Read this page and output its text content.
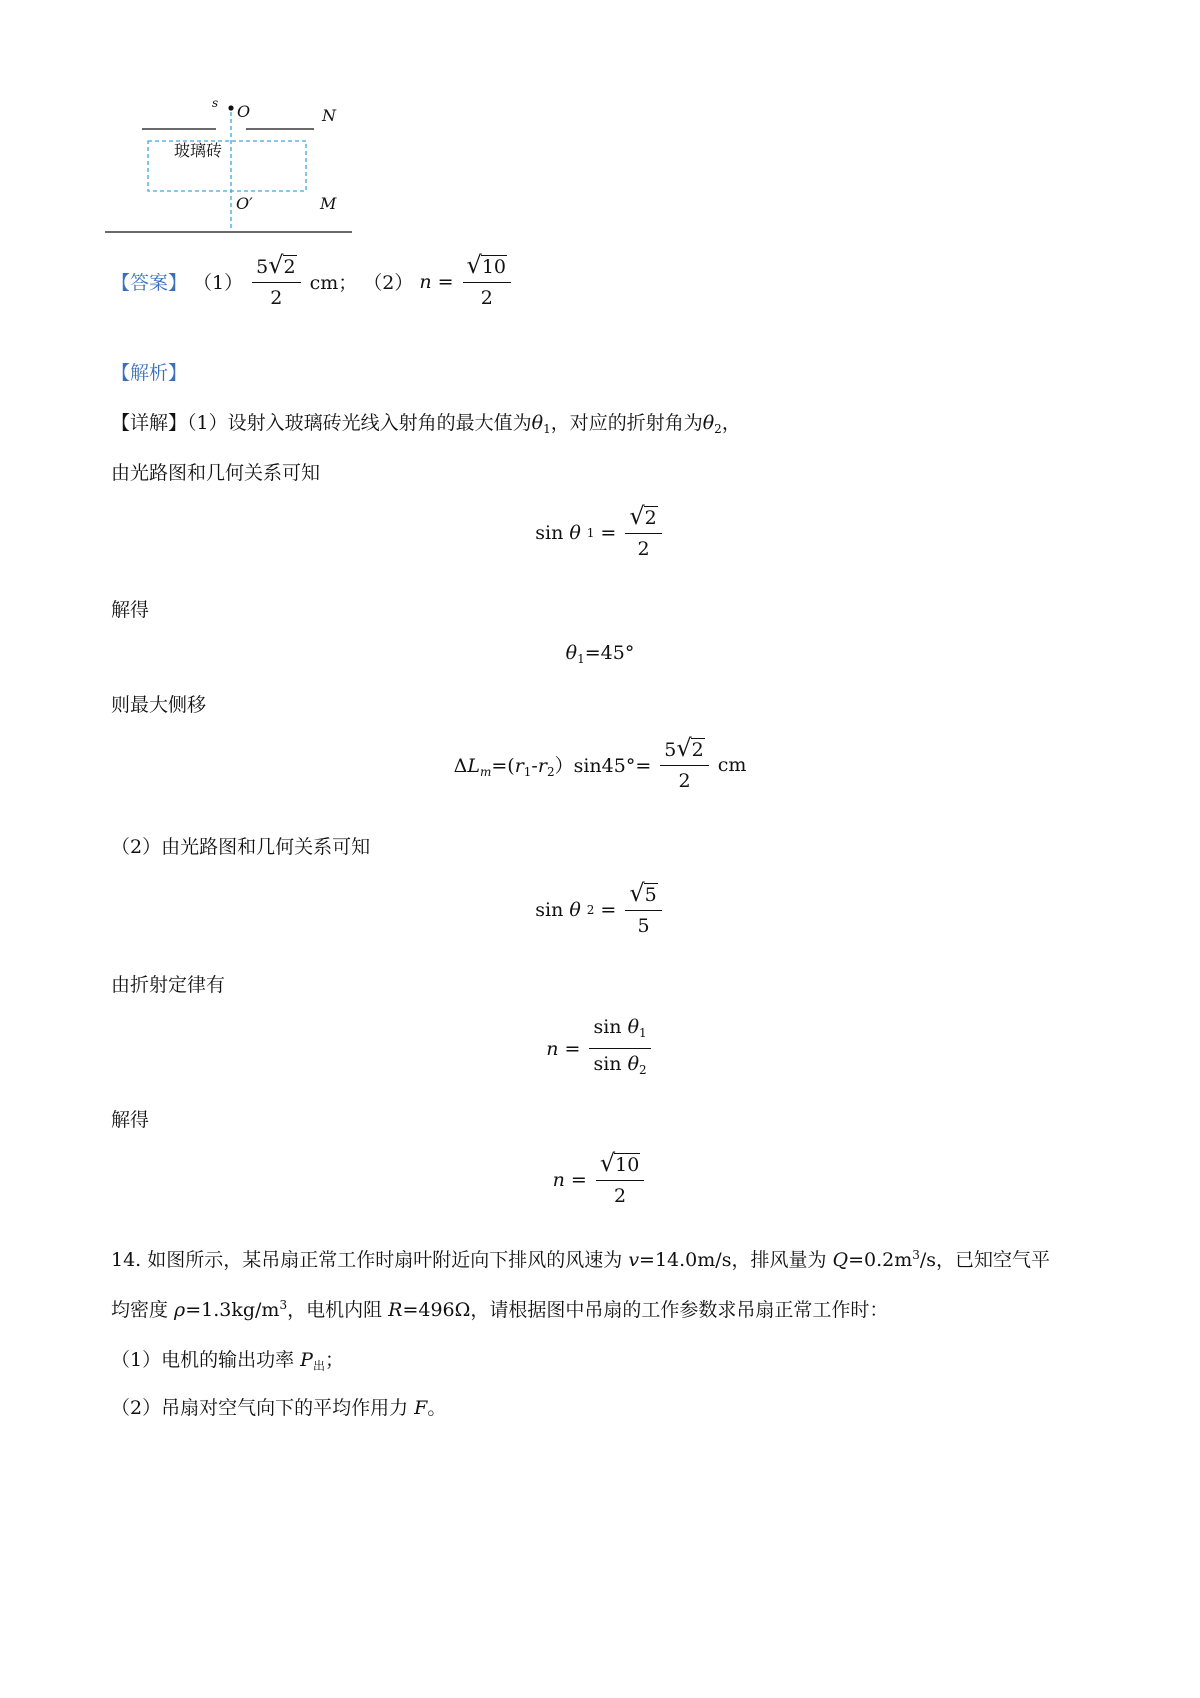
s O	N
玻璃砖
O′	M
【答案】 $(1) \frac{5 √ 2}{2}$ cm； （2） $n = \frac{√ 10}{2}$
【解析】
【详解】（1）设射入玻璃砖光线入射角的最大值为$\theta_1$，对应的折射角为$\theta_2$，
由光路图和几何关系可知
sin θ $1 = \frac{√ 2}{2}$
解得
$\theta_1=45^\circ$
则最大侧移
$\Delta L_m=(r_1-r_2)\sin 45^\circ= \frac{5 √ 2}{2}$ cm
（2）由光路图和几何关系可知
sin θ $2 = \frac{√ 5}{5}$
由折射定律有
$n = \frac{\sin \theta_1}{\sin \theta_2}$
解得
$n = \frac{√ 10}{2}$
14. 如图所示，某吊扇正常工作时扇叶附近向下排风的风速为 v=14.0m/s，排风量为 $Q=0.2m^3/s$，已知空气平
均密度 $\rho=1.3kg/m^3$，电机内阻 R=496Ω，请根据图中吊扇的工作参数求吊扇正常工作时：
（1）电机的输出功率 $P_出$；
（2）吊扇对空气向下的平均作用力 F。
